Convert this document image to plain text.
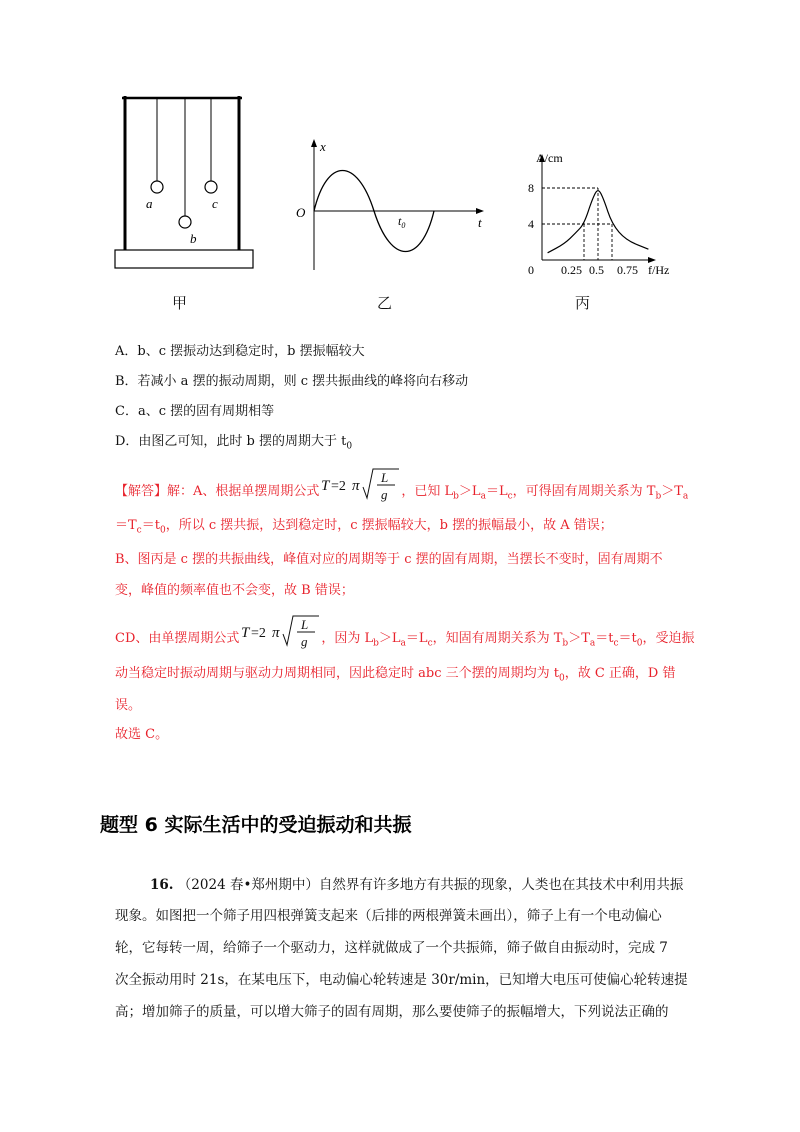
a
b
c
甲
x
t
O
$t_0$
乙
A/cm
f/Hz
8
4
0 0.25 0.5 0.75
丙
A．b、c 摆振动达到稳定时，b 摆振幅较大
B．若减小 a 摆的振动周期，则 c 摆共振曲线的峰将向右移动
C．a、c 摆的固有周期相等
D．由图乙可知，此时 b 摆的周期大于 $t_0$
【解答】解：A、根据单摆周期公式 T =2 π
L
g ，已知 $L_b>L_a=L_c$，可得固有周期关系为 $T_b>T_a$
$=T_c=t_0$，所以 c 摆共振，达到稳定时，c 摆振幅较大，b 摆的振幅最小，故 A 错误；
B、图丙是 c 摆的共振曲线，峰值对应的周期等于 c 摆的固有周期，当摆长不变时，固有周期不
变，峰值的频率值也不会变，故 B 错误；
CD、由单摆周期公式 T =2 π
L
g ，因为 $L_b>L_a=L_c$，知固有周期关系为 $T_b>T_a=t_c=t_0$，受迫振
动当稳定时振动周期与驱动力周期相同，因此稳定时 abc 三个摆的周期均为 $t_0$，故 C 正确，D 错
误。
故选 C。
题型 6 实际生活中的受迫振动和共振
16. （2024 春•郑州期中）自然界有许多地方有共振的现象，人类也在其技术中利用共振
现象。如图把一个筛子用四根弹簧支起来（后排的两根弹簧未画出），筛子上有一个电动偏心
轮，它每转一周，给筛子一个驱动力，这样就做成了一个共振筛，筛子做自由振动时，完成 7
次全振动用时 21s，在某电压下，电动偏心轮转速是 30r/min，已知增大电压可使偏心轮转速提
高；增加筛子的质量，可以增大筛子的固有周期，那么要使筛子的振幅增大，下列说法正确的
